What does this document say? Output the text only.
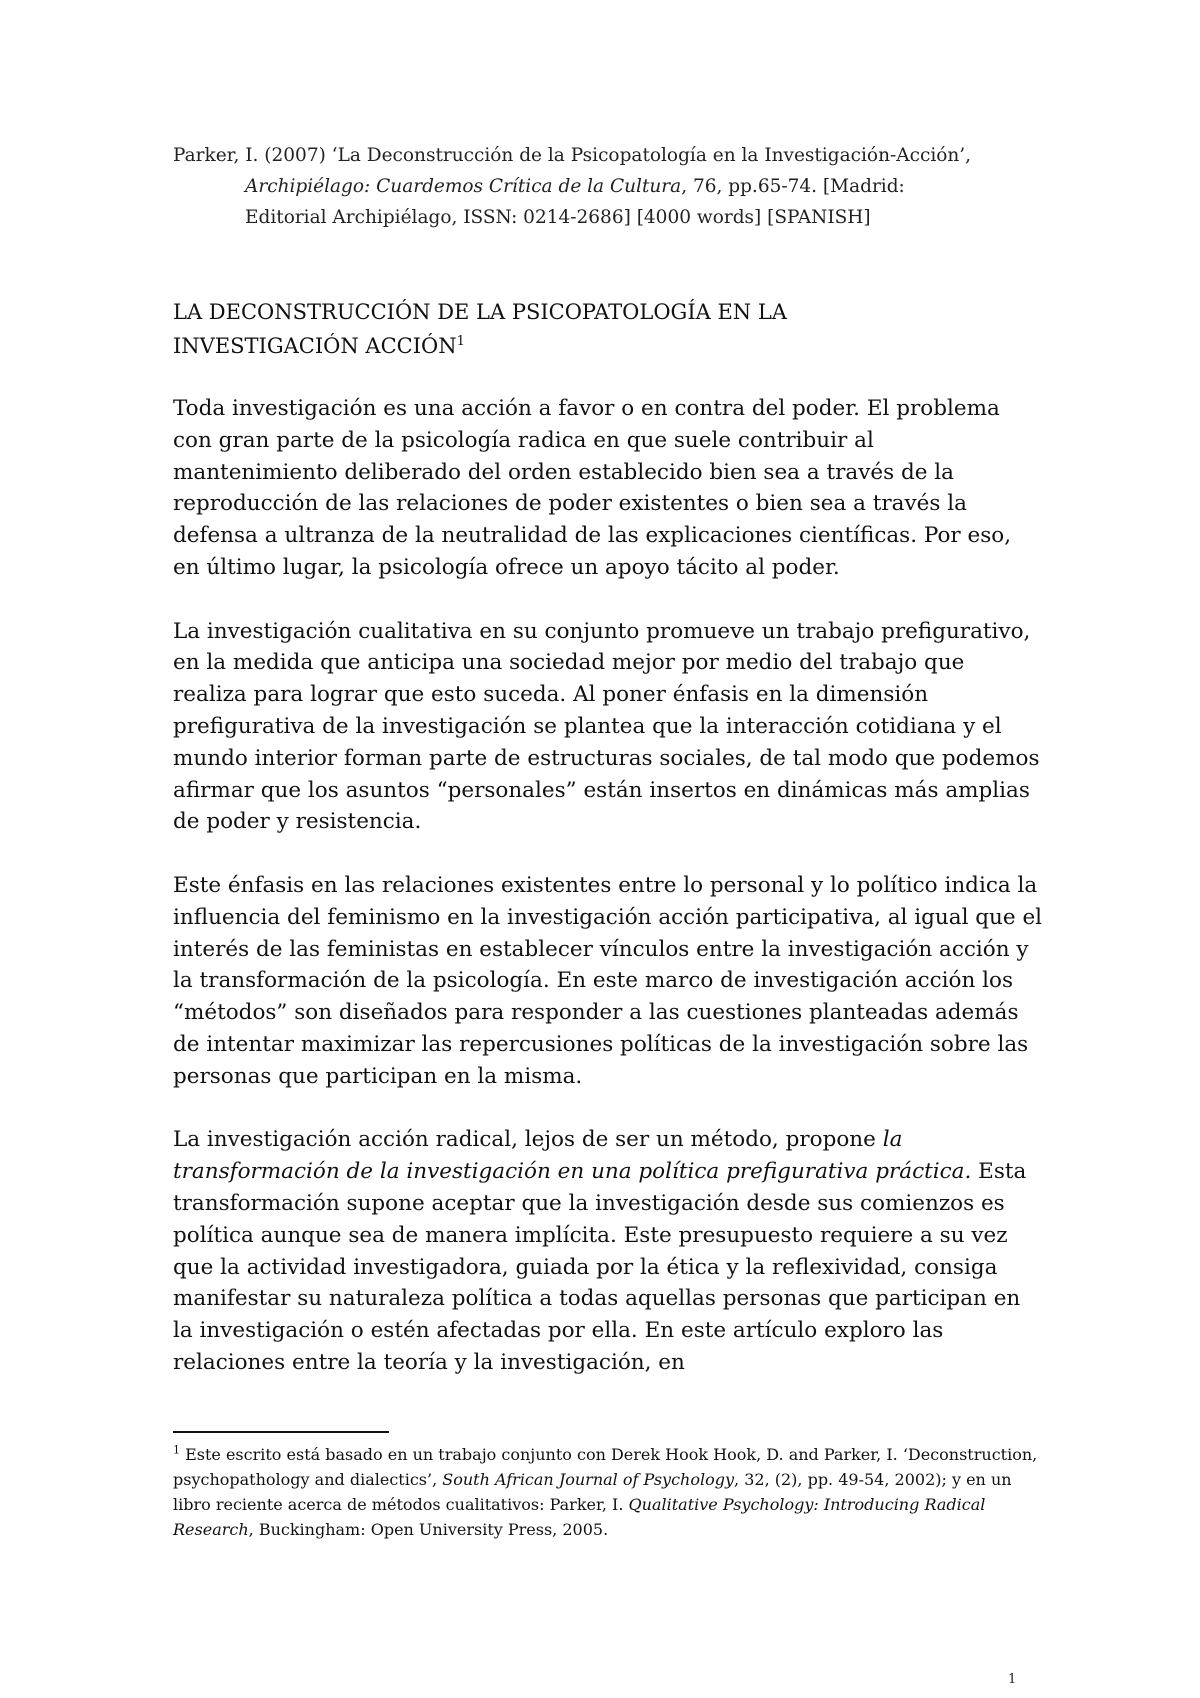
Parker, I. (2007) ‘La Deconstrucción de la Psicopatología en la Investigación-Acción’,
Archipiélago: Cuardemos Crítica de la Cultura, 76, pp.65-74. [Madrid:
Editorial Archipiélago, ISSN: 0214-2686] [4000 words] [SPANISH]
LA DECONSTRUCCIÓN DE LA PSICOPATOLOGÍA EN LA
INVESTIGACIÓN ACCIÓN$^1$

Toda investigación es una acción a favor o en contra del poder. El problema con gran parte de la psicología radica en que suele contribuir al mantenimiento deliberado del orden establecido bien sea a través de la reproducción de las relaciones de poder existentes o bien sea a través la defensa a ultranza de la neutralidad de las explicaciones científicas. Por eso, en último lugar, la psicología ofrece un apoyo tácito al poder.

La investigación cualitativa en su conjunto promueve un trabajo prefigurativo, en la medida que anticipa una sociedad mejor por medio del trabajo que realiza para lograr que esto suceda. Al poner énfasis en la dimensión prefigurativa de la investigación se plantea que la interacción cotidiana y el mundo interior forman parte de estructuras sociales, de tal modo que podemos afirmar que los asuntos “personales” están insertos en dinámicas más amplias de poder y resistencia.

Este énfasis en las relaciones existentes entre lo personal y lo político indica la influencia del feminismo en la investigación acción participativa, al igual que el interés de las feministas en establecer vínculos entre la investigación acción y la transformación de la psicología. En este marco de investigación acción los “métodos” son diseñados para responder a las cuestiones planteadas además de intentar maximizar las repercusiones políticas de la investigación sobre las personas que participan en la misma.

La investigación acción radical, lejos de ser un método, propone la transformación de la investigación en una política prefigurativa práctica. Esta transformación supone aceptar que la investigación desde sus comienzos es política aunque sea de manera implícita. Este presupuesto requiere a su vez que la actividad investigadora, guiada por la ética y la reflexividad, consiga manifestar su naturaleza política a todas aquellas personas que participan en la investigación o estén afectadas por ella. En este artículo exploro las relaciones entre la teoría y la investigación, en

$^1$ Este escrito está basado en un trabajo conjunto con Derek Hook Hook, D. and Parker, I. ‘Deconstruction, psychopathology and dialectics’, South African Journal of Psychology, 32, (2), pp. 49-54, 2002); y en un libro reciente acerca de métodos cualitativos: Parker, I. Qualitative Psychology: Introducing Radical Research, Buckingham: Open University Press, 2005.
1
